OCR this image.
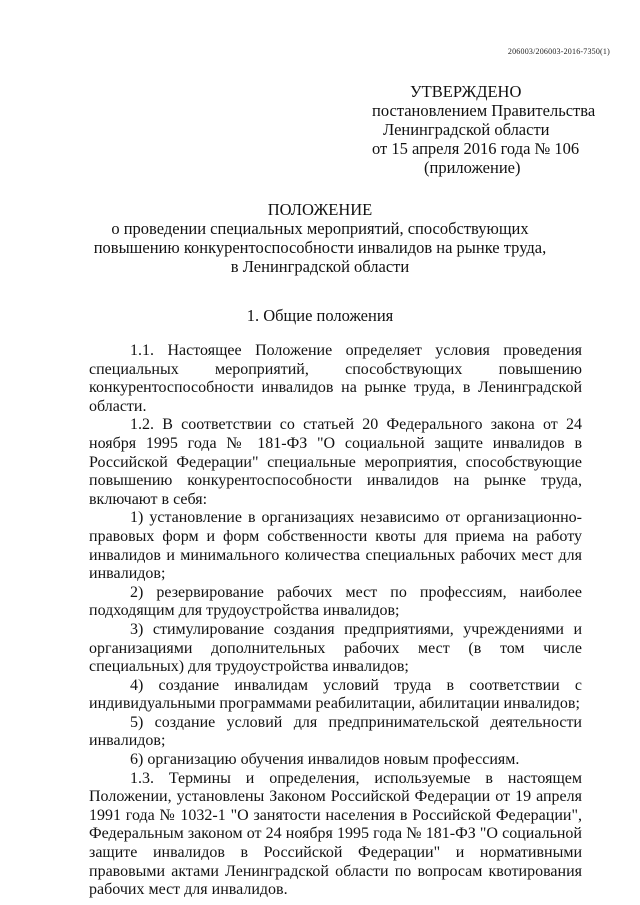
206003/206003-2016-7350(1)
УТВЕРЖДЕНО
постановлением Правительства
Ленинградской области
от 15 апреля 2016 года № 106
(приложение)
ПОЛОЖЕНИЕ
о проведении специальных мероприятий, способствующих
повышению конкурентоспособности инвалидов на рынке труда,
в Ленинградской области
1. Общие положения

1.1. Настоящее Положение определяет условия проведения специальных мероприятий, способствующих повышению конкурентоспособности инвалидов на рынке труда, в Ленинградской области.

1.2. В соответствии со статьей 20 Федерального закона от 24 ноября 1995 года № 181-ФЗ "О социальной защите инвалидов в Российской Федерации" специальные мероприятия, способствующие повышению конкурентоспособности инвалидов на рынке труда, включают в себя:

1) установление в организациях независимо от организационно-правовых форм и форм собственности квоты для приема на работу инвалидов и минимального количества специальных рабочих мест для инвалидов;

2) резервирование рабочих мест по профессиям, наиболее подходящим для трудоустройства инвалидов;

3) стимулирование создания предприятиями, учреждениями и организациями дополнительных рабочих мест (в том числе специальных) для трудоустройства инвалидов;

4) создание инвалидам условий труда в соответствии с индивидуальными программами реабилитации, абилитации инвалидов;

5) создание условий для предпринимательской деятельности инвалидов;

6) организацию обучения инвалидов новым профессиям.

1.3. Термины и определения, используемые в настоящем Положении, установлены Законом Российской Федерации от 19 апреля 1991 года № 1032-1 "О занятости населения в Российской Федерации", Федеральным законом от 24 ноября 1995 года № 181-ФЗ "О социальной защите инвалидов в Российской Федерации" и нормативными правовыми актами Ленинградской области по вопросам квотирования рабочих мест для инвалидов.
